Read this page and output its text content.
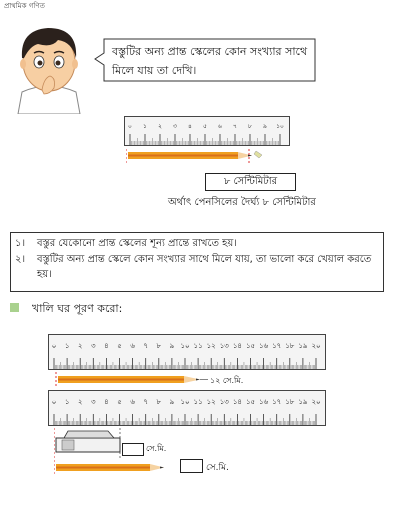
প্রাথমিক গণিত
বস্তুটির অন্য প্রান্ত স্কেলের কোন সংখ্যার সাথে মিলে যায় তা দেখি।
০ ১ ২ ৩ ৪ ৫ ৬ ৭ ৮ ৯ ১০
৮ সেন্টিমিটার
অর্থাৎ পেনসিলের দৈর্ঘ্য ৮ সেন্টিমিটার
১। বস্তুর যেকোনো প্রান্ত স্কেলের শূন্য প্রান্তে রাখতে হয়।
২। বস্তুটির অন্য প্রান্ত স্কেলে কোন সংখ্যার সাথে মিলে যায়, তা ভালো করে খেয়াল করতে হয়।
খালি ঘর পূরণ করো:
০ ১ ২ ৩ ৪ ৫ ৬ ৭ ৮ ৯ ১০ ১১ ১২ ১৩ ১৪ ১৫ ১৬ ১৭ ১৮ ১৯ ২০
১২ সে.মি.
০ ১ ২ ৩ ৪ ৫ ৬ ৭ ৮ ৯ ১০ ১১ ১২ ১৩ ১৪ ১৫ ১৬ ১৭ ১৮ ১৯ ২০
সে.মি.
সে.মি.
